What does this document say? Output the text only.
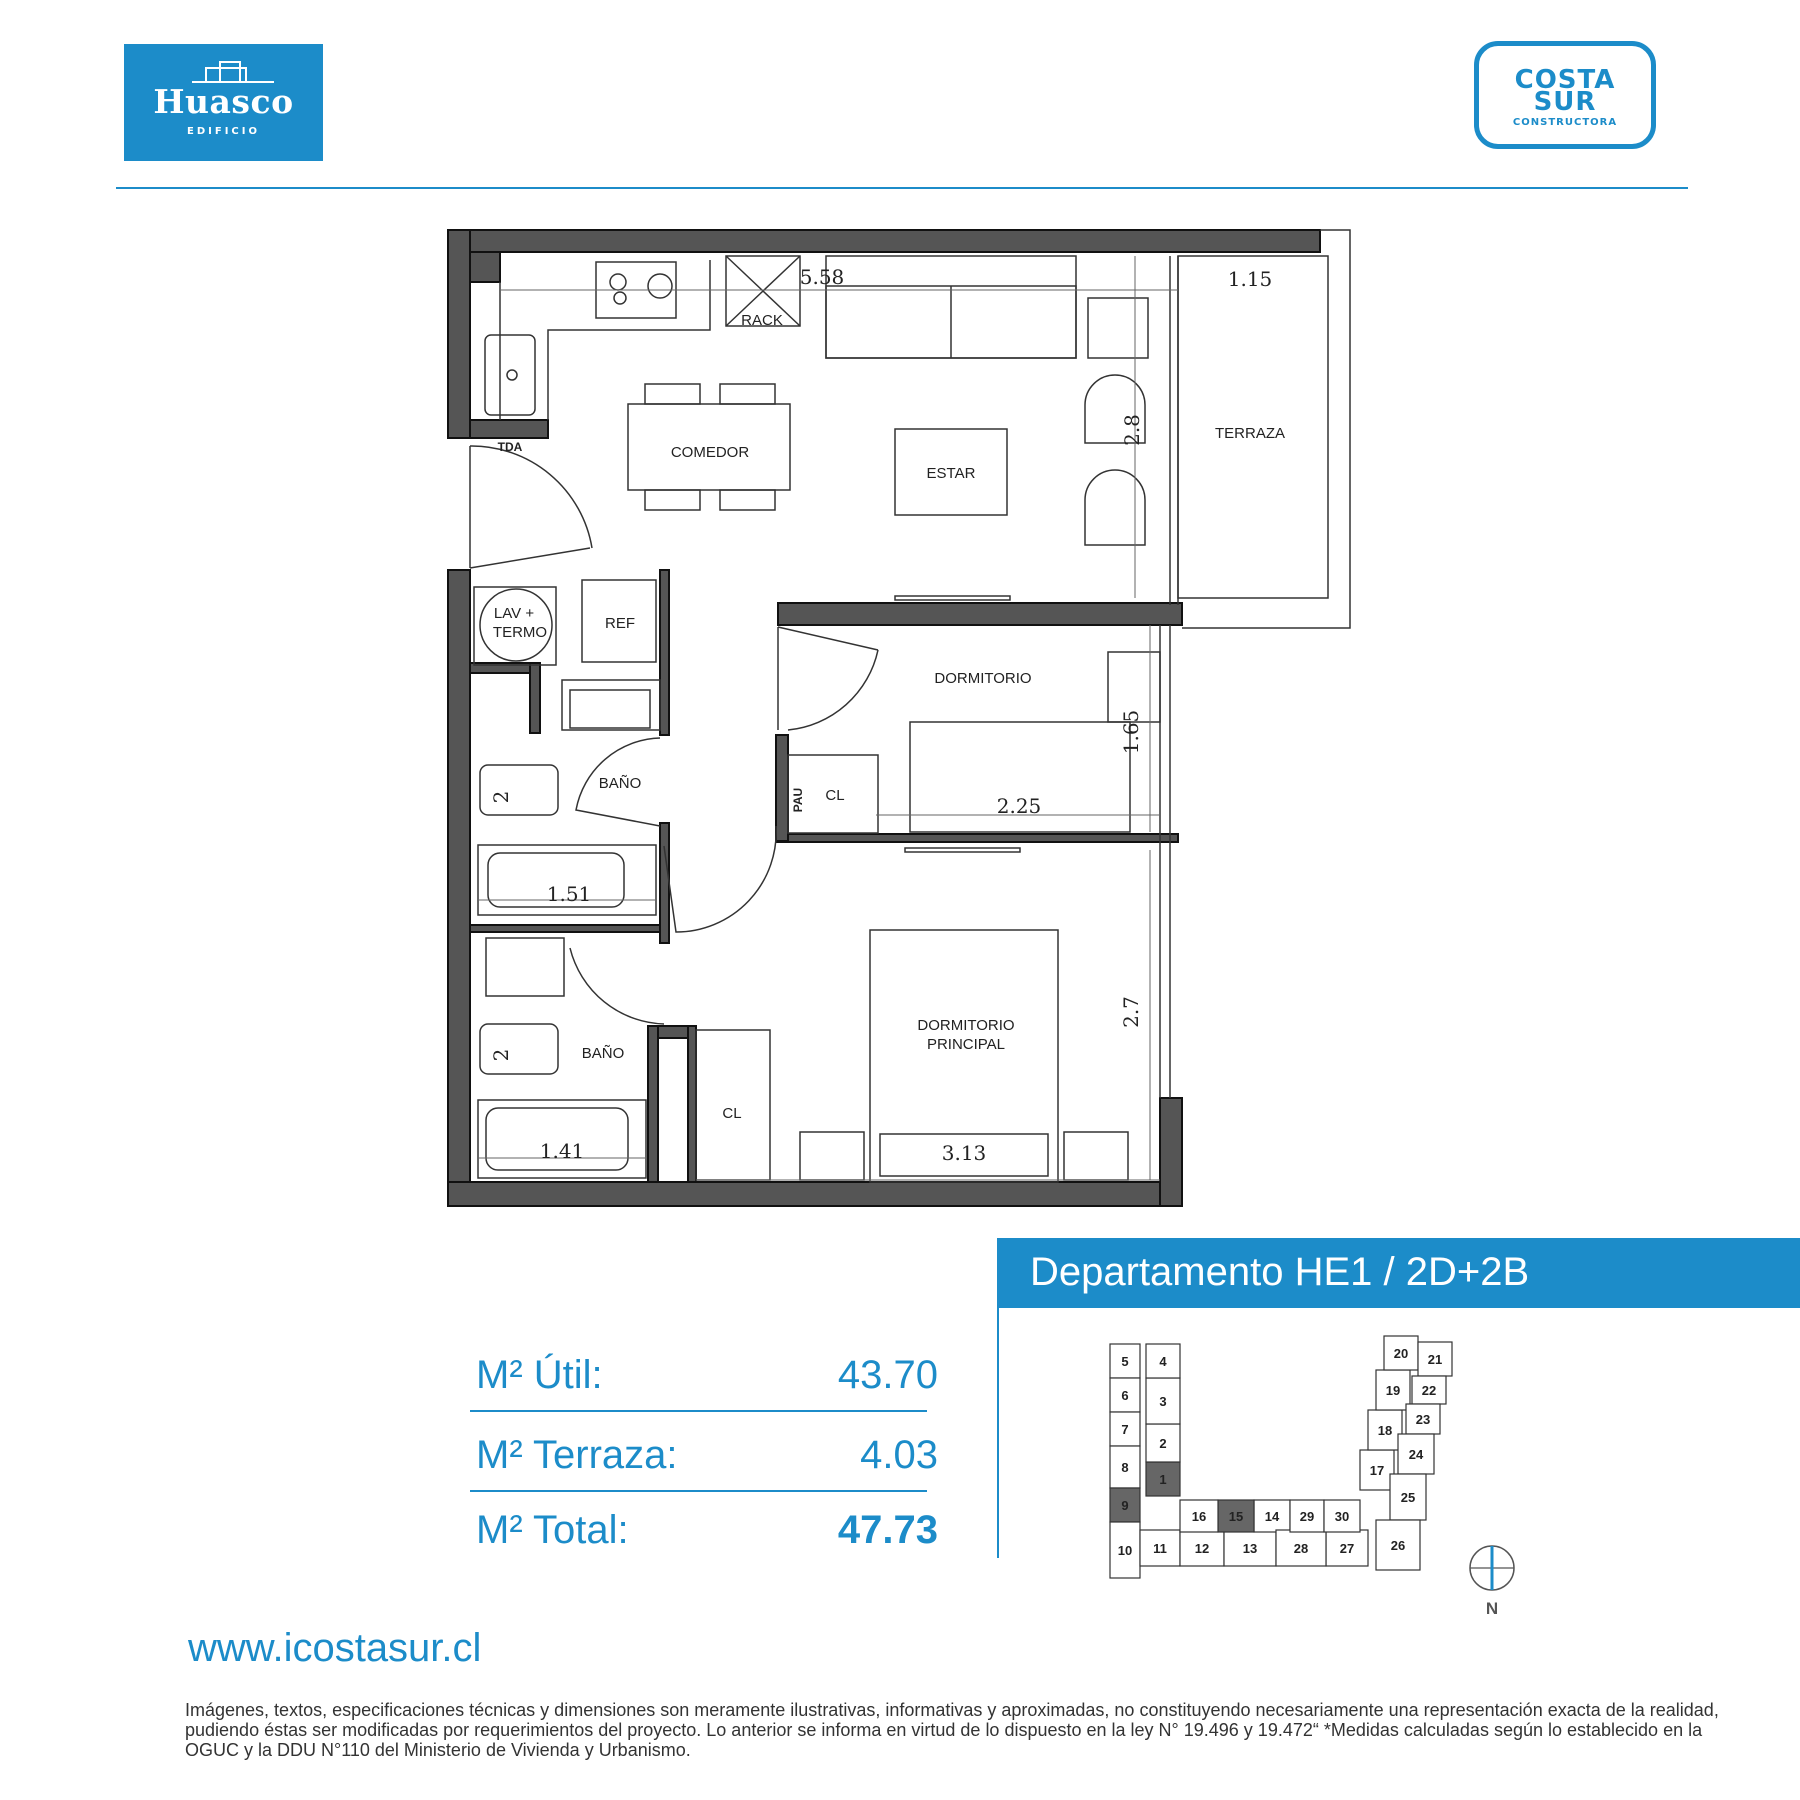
Huasco
EDIFICIO
COSTA
SUR
CONSTRUCTORA
COMEDOR
ESTAR
TERRAZA
RACK
TDA
LAV +
TERMO
REF
DORMITORIO
PAU CL
BAÑO
BAÑO
DORMITORIO
PRINCIPAL
CL
5.58	1.15
2.8
1.65
2.25
1.51
2
2
1.41
2.7
3.13
Departamento HE1 / 2D+2B
M² Útil:	43.70
M² Terraza:	4.03
M² Total:	47.73
1
2
3
4
5
6
7
8
9
10 11 12	13
14
15
16
17
18
19
20 21
22
23
24
25
26
27
28
29 30
N
www.icostasur.cl
Imágenes, textos, especificaciones técnicas y dimensiones son meramente ilustrativas, informativas y aproximadas, no constituyendo necesariamente una representación exacta de la realidad, pudiendo éstas ser modificadas por requerimientos del proyecto. Lo anterior se informa en virtud de lo dispuesto en la ley N° 19.496 y 19.472“ *Medidas calculadas según lo establecido en la OGUC y la DDU N°110 del Ministerio de Vivienda y Urbanismo.
